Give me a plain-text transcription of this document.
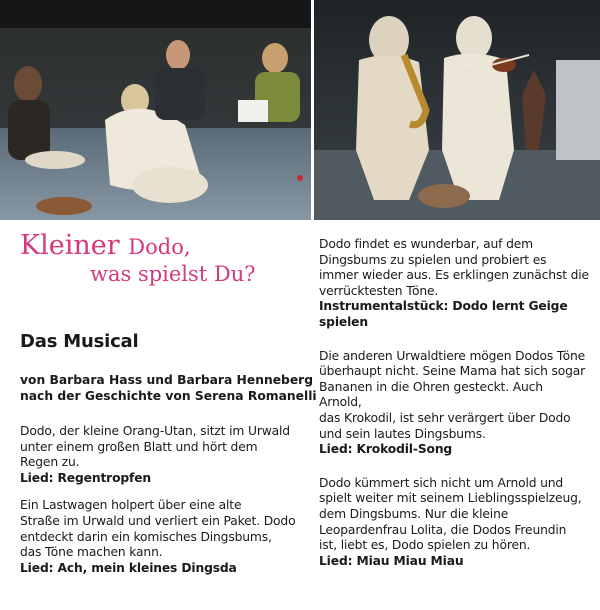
Kleiner Dodo,
was spielst Du?
Das Musical
von Barbara Hass und Barbara Henneberg
nach der Geschichte von Serena Romanelli

Dodo, der kleine Orang-Utan, sitzt im Urwald
unter einem großen Blatt und hört dem
Regen zu.
Lied: Regentropfen

Ein Lastwagen holpert über eine alte
Straße im Urwald und verliert ein Paket. Dodo
entdeckt darin ein komisches Dingsbums,
das Töne machen kann.
Lied: Ach, mein kleines Dingsda

Dodo findet es wunderbar, auf dem
Dingsbums zu spielen und probiert es
immer wieder aus. Es erklingen zunächst die
verrücktesten Töne.
Instrumentalstück: Dodo lernt Geige
spielen

Die anderen Urwaldtiere mögen Dodos Töne
überhaupt nicht. Seine Mama hat sich sogar
Bananen in die Ohren gesteckt. Auch Arnold,
das Krokodil, ist sehr verärgert über Dodo
und sein lautes Dingsbums.
Lied: Krokodil-Song

Dodo kümmert sich nicht um Arnold und
spielt weiter mit seinem Lieblingsspielzeug,
dem Dingsbums. Nur die kleine
Leopardenfrau Lolita, die Dodos Freundin
ist, liebt es, Dodo spielen zu hören.
Lied: Miau Miau Miau
